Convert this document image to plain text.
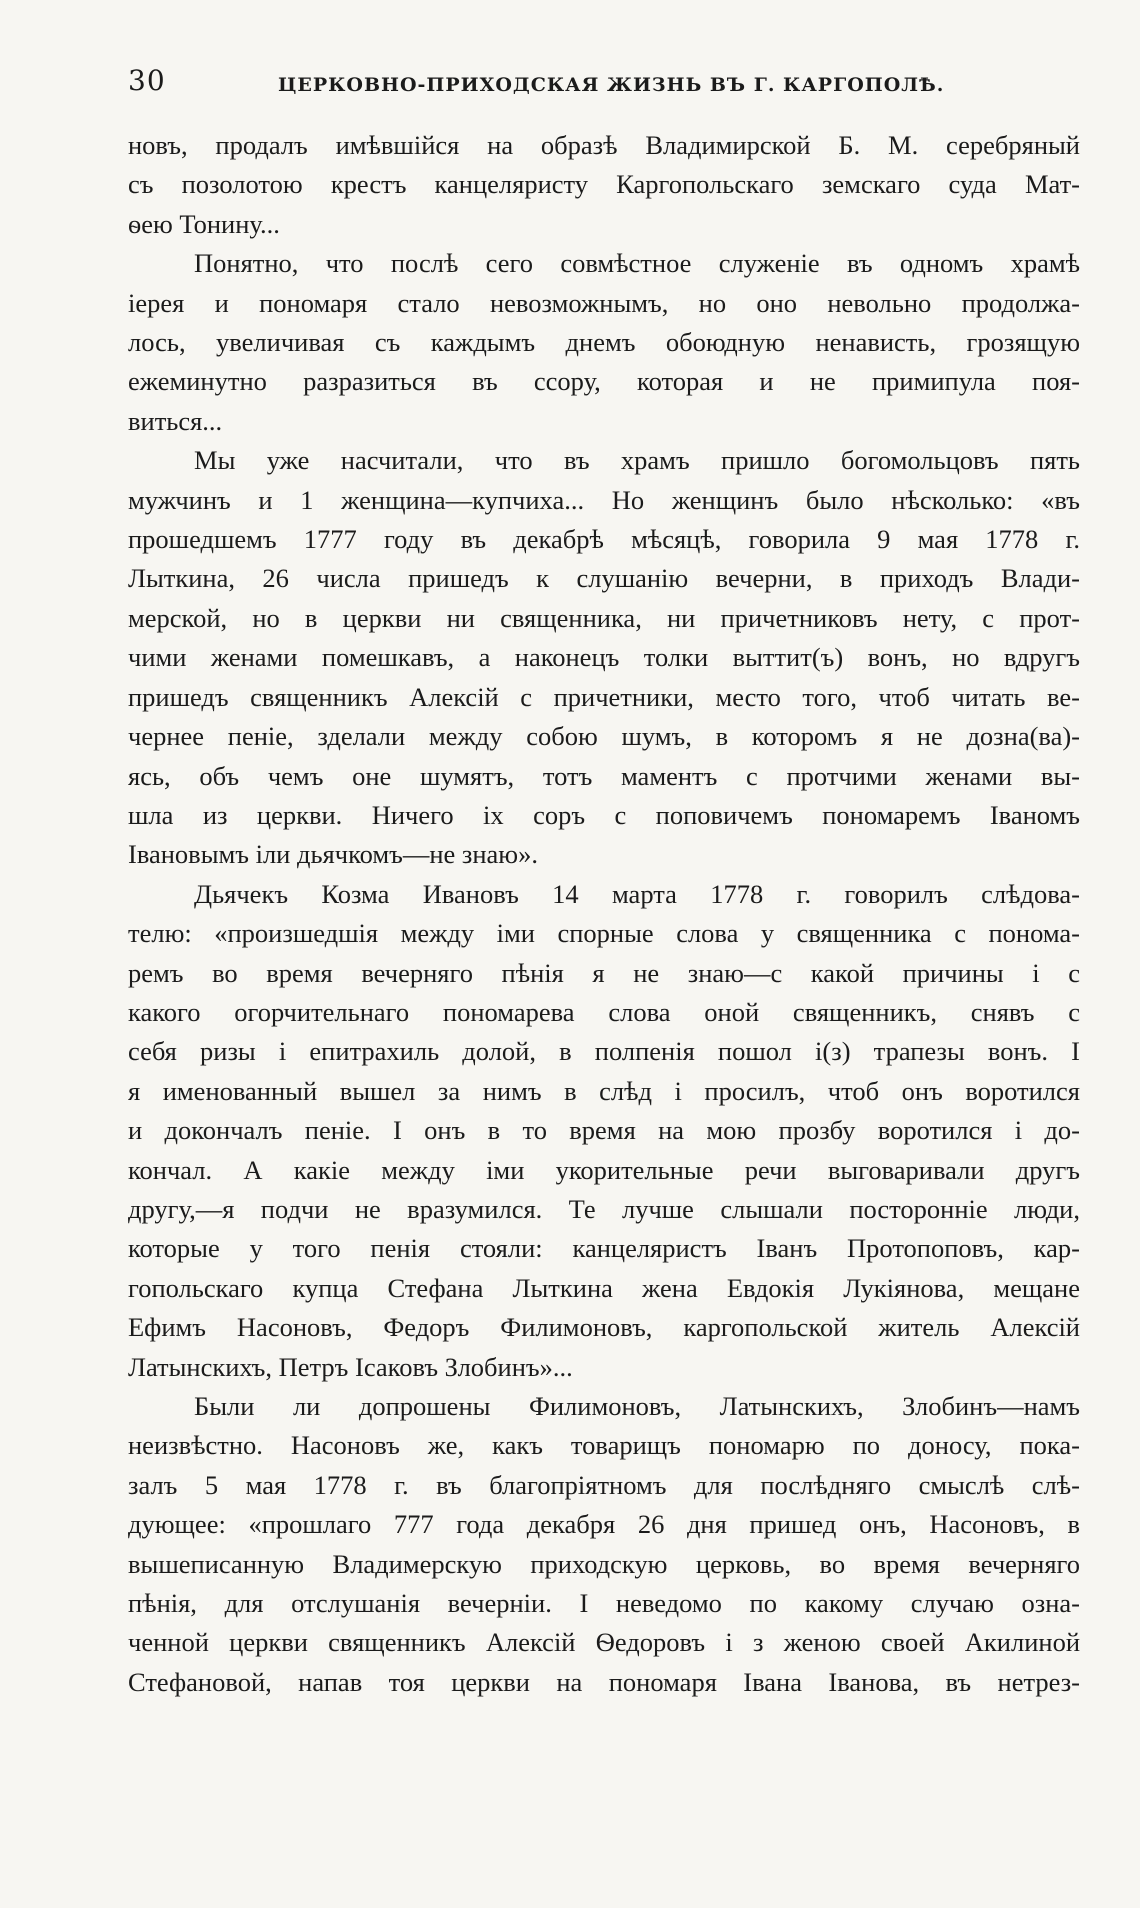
30	ЦЕРКОВНО-ПРИХОДСКАЯ ЖИЗНЬ ВЪ Г. КАРГОПОЛѢ.

новъ, продалъ имѣвшійся на образѣ Владимирской Б. М. серебряный
съ позолотою крестъ канцеляристу Каргопольскаго земскаго суда Мат-
ѳею Тонину...

Понятно, что послѣ сего совмѣстное служеніе въ одномъ храмѣ
іерея и пономаря стало невозможнымъ, но оно невольно продолжа-
лось, увеличивая съ каждымъ днемъ обоюдную ненависть, грозящую
ежеминутно разразиться въ ссору, которая и не примипула поя-
виться...

Мы уже насчитали, что въ храмъ пришло богомольцовъ пять
мужчинъ и 1 женщина—купчиха... Но женщинъ было нѣсколько: «въ
прошедшемъ 1777 году въ декабрѣ мѣсяцѣ, говорила 9 мая 1778 г.
Лыткина, 26 числа пришедъ к слушанію вечерни, в приходъ Влади-
мерской, но в церкви ни священника, ни причетниковъ нету, с прот-
чими женами помешкавъ, а наконецъ толки выттит(ъ) вонъ, но вдругъ
пришедъ священникъ Алексій с причетники, место того, чтоб читать ве-
чернее пеніе, зделали между собою шумъ, в которомъ я не дозна(ва)-
ясь, объ чемъ оне шумятъ, тотъ маментъ с протчими женами вы-
шла из церкви. Ничего іх соръ с поповичемъ пономаремъ Іваномъ
Івановымъ іли дьячкомъ—не знаю».

Дьячекъ Козма Ивановъ 14 марта 1778 г. говорилъ слѣдова-
телю: «произшедшія между іми спорные слова у священника с понома-
ремъ во время вечерняго пѣнія я не знаю—с какой причины і с
какого огорчительнаго пономарева слова оной священникъ, снявъ с
себя ризы і епитрахиль долой, в полпенія пошол і(з) трапезы вонъ. І
я именованный вышел за нимъ в слѣд і просилъ, чтоб онъ воротился
и докончалъ пеніе. І онъ в то время на мою прозбу воротился і до-
кончал. А какіе между іми укорительные речи выговаривали другъ
другу,—я подчи не вразумился. Те лучше слышали посторонніе люди,
которые у того пенія стояли: канцеляристъ Іванъ Протопоповъ, кар-
гопольскаго купца Стефана Лыткина жена Евдокія Лукіянова, мещане
Ефимъ Насоновъ, Федоръ Филимоновъ, каргопольской житель Алексій
Латынскихъ, Петръ Ісаковъ Злобинъ»...

Были ли допрошены Филимоновъ, Латынскихъ, Злобинъ—намъ
неизвѣстно. Насоновъ же, какъ товарищъ пономарю по доносу, пока-
залъ 5 мая 1778 г. въ благопріятномъ для послѣдняго смыслѣ слѣ-
дующее: «прошлаго 777 года декабря 26 дня пришед онъ, Насоновъ, в
вышеписанную Владимерскую приходскую церковь, во время вечерняго
пѣнія, для отслушанія вечерніи. І неведомо по какому случаю озна-
ченной церкви священникъ Алексій Ѳедоровъ і з женою своей Акилиной
Стефановой, напав тоя церкви на пономаря Івана Іванова, въ нетрез-
